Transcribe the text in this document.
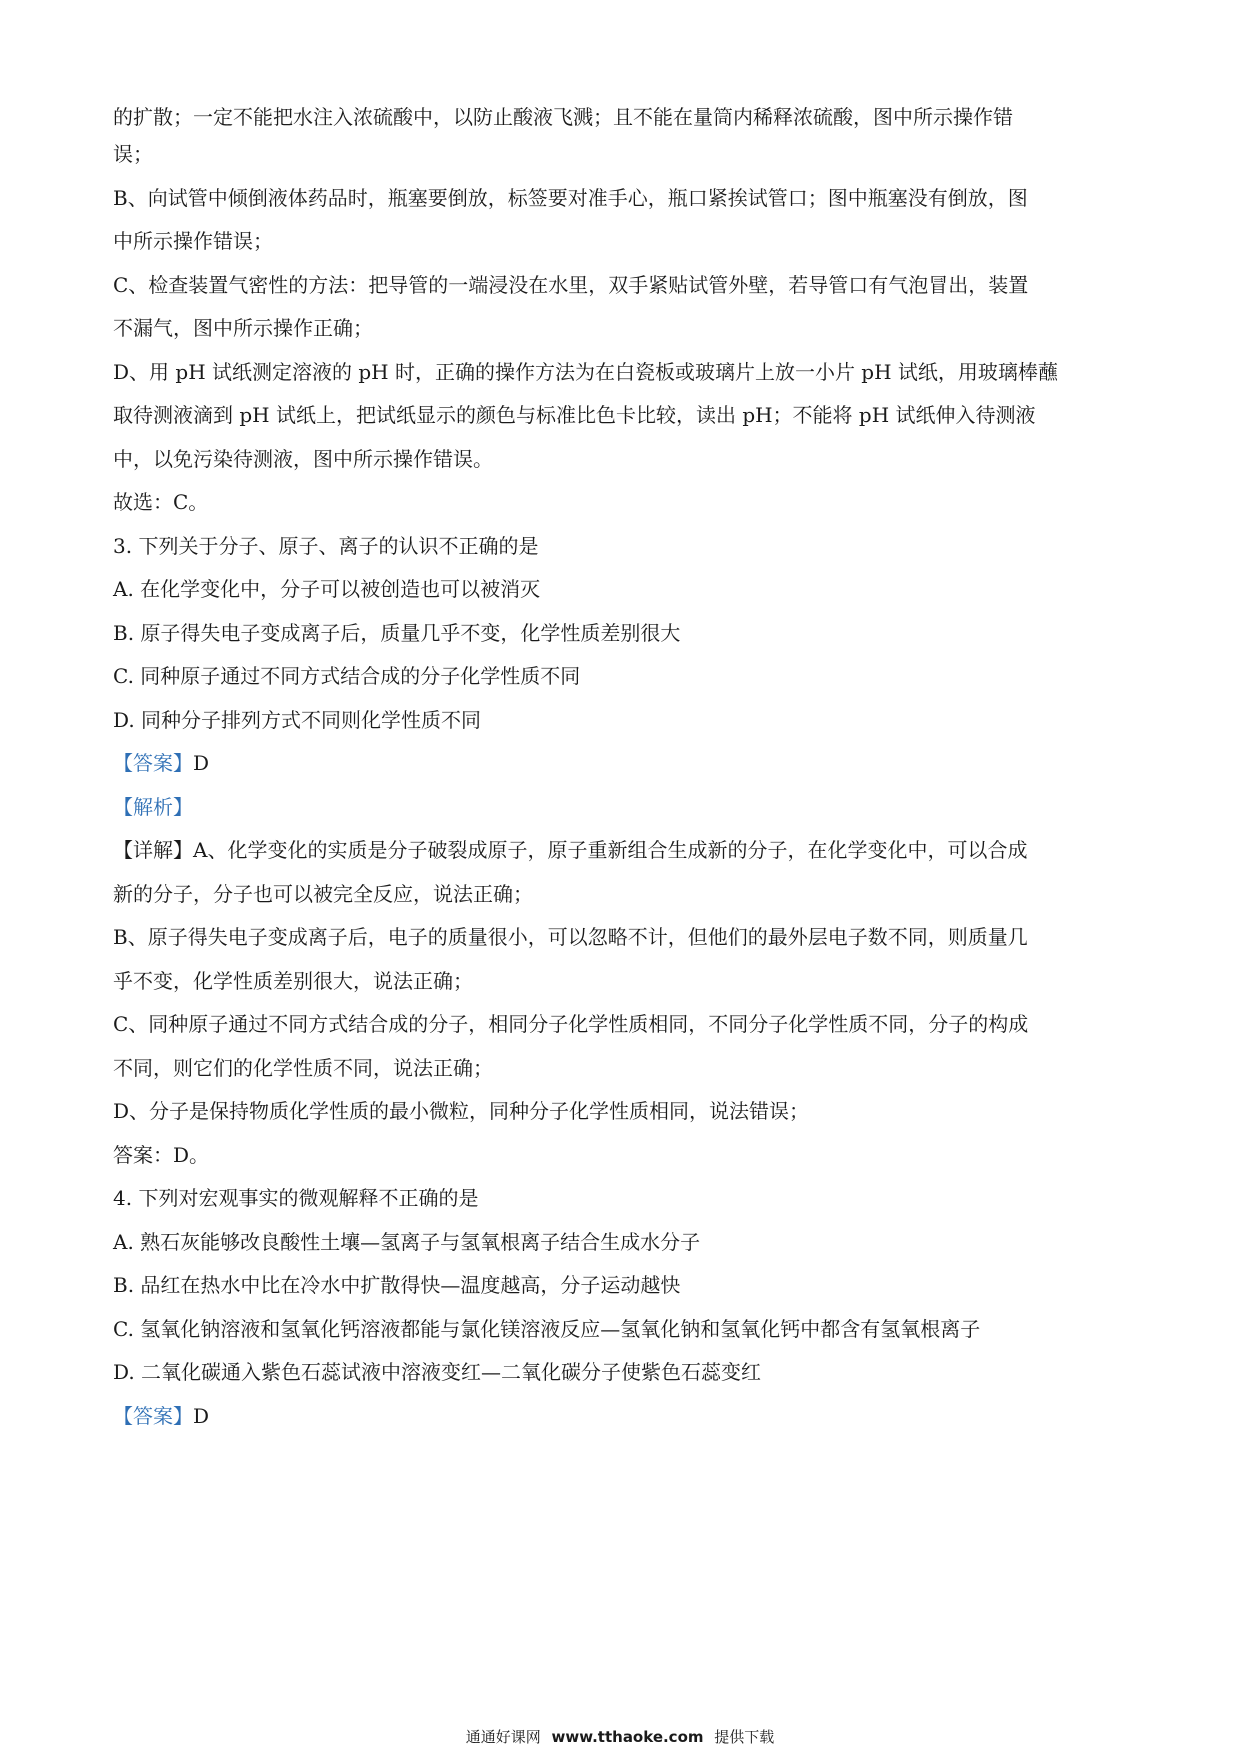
的扩散；一定不能把水注入浓硫酸中，以防止酸液飞溅；且不能在量筒内稀释浓硫酸，图中所示操作错
误；
B、向试管中倾倒液体药品时，瓶塞要倒放，标签要对准手心，瓶口紧挨试管口；图中瓶塞没有倒放，图
中所示操作错误；
C、检查装置气密性的方法：把导管的一端浸没在水里，双手紧贴试管外壁，若导管口有气泡冒出，装置
不漏气，图中所示操作正确；
D、用 pH 试纸测定溶液的 pH 时，正确的操作方法为在白瓷板或玻璃片上放一小片 pH 试纸，用玻璃棒蘸
取待测液滴到 pH 试纸上，把试纸显示的颜色与标准比色卡比较，读出 pH；不能将 pH 试纸伸入待测液
中，以免污染待测液，图中所示操作错误。
故选：C。
3. 下列关于分子、原子、离子的认识不正确的是
A. 在化学变化中，分子可以被创造也可以被消灭
B. 原子得失电子变成离子后，质量几乎不变，化学性质差别很大
C. 同种原子通过不同方式结合成的分子化学性质不同
D. 同种分子排列方式不同则化学性质不同
【答案】D
【解析】
【详解】A、化学变化的实质是分子破裂成原子，原子重新组合生成新的分子，在化学变化中，可以合成
新的分子，分子也可以被完全反应，说法正确；
B、原子得失电子变成离子后，电子的质量很小，可以忽略不计，但他们的最外层电子数不同，则质量几
乎不变，化学性质差别很大，说法正确；
C、同种原子通过不同方式结合成的分子，相同分子化学性质相同，不同分子化学性质不同，分子的构成
不同，则它们的化学性质不同，说法正确；
D、分子是保持物质化学性质的最小微粒，同种分子化学性质相同，说法错误；
答案：D。
4. 下列对宏观事实的微观解释不正确的是
A. 熟石灰能够改良酸性土壤—氢离子与氢氧根离子结合生成水分子
B. 品红在热水中比在冷水中扩散得快—温度越高，分子运动越快
C. 氢氧化钠溶液和氢氧化钙溶液都能与氯化镁溶液反应—氢氧化钠和氢氧化钙中都含有氢氧根离子
D. 二氧化碳通入紫色石蕊试液中溶液变红—二氧化碳分子使紫色石蕊变红
【答案】D
通通好课网 www.tthaoke.com 提供下载
